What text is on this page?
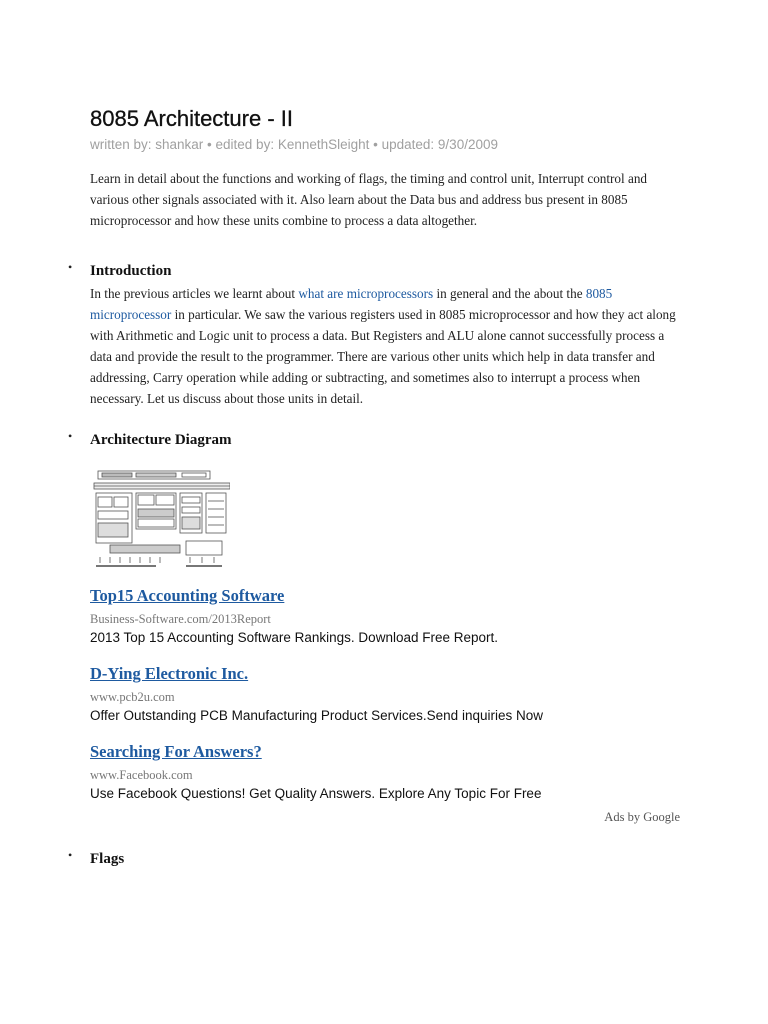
8085 Architecture - II
written by: shankar • edited by: KennethSleight • updated: 9/30/2009
Learn in detail about the functions and working of flags, the timing and control unit, Interrupt control and various other signals associated with it. Also learn about the Data bus and address bus present in 8085 microprocessor and how these units combine to process a data altogether.
• Introduction
In the previous articles we learnt about what are microprocessors in general and the about the 8085 microprocessor in particular. We saw the various registers used in 8085 microprocessor and how they act along with Arithmetic and Logic unit to process a data. But Registers and ALU alone cannot successfully process a data and provide the result to the programmer. There are various other units which help in data transfer and addressing, Carry operation while adding or subtracting, and sometimes also to interrupt a process when necessary. Let us discuss about those units in detail.
• Architecture Diagram
Top15 Accounting Software
Business-Software.com/2013Report
2013 Top 15 Accounting Software Rankings. Download Free Report.
D-Ying Electronic Inc.
www.pcb2u.com
Offer Outstanding PCB Manufacturing Product Services.Send inquiries Now
Searching For Answers?
www.Facebook.com
Use Facebook Questions! Get Quality Answers. Explore Any Topic For Free
Ads by Google
• Flags
